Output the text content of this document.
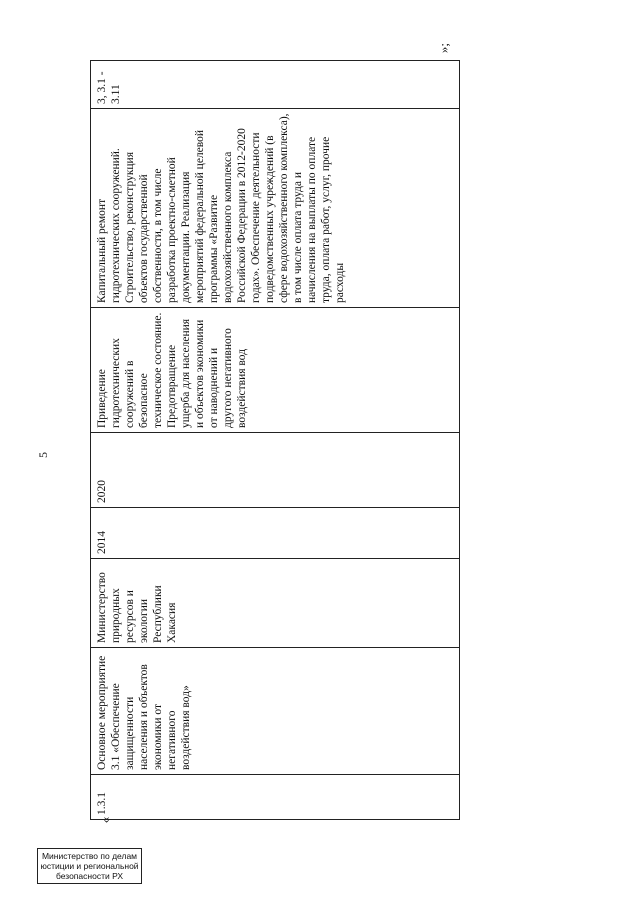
5
«
»;
1.3.1	Основное мероприятие 3.1 «Обеспечение защищенности населения и объектов экономики от негативного воздействия вод»	Министерство природных ресурсов и экологии Республики Хакасия	2014	2020	Приведение гидротехнических сооружений в безопасное техническое состояние. Предотвращение ущерба для населения и объектов экономики от наводнений и другого негативного воздействия вод	Капитальный ремонт гидротехнических сооружений. Строительство, реконструкция объектов государственной собственности, в том числе разработка проектно-сметной документации. Реализация мероприятий федеральной целевой программы «Развитие водохозяйственного комплекса Российской Федерации в 2012-2020 годах». Обеспечение деятельности подведомственных учреждений (в сфере водохозяйственного комплекса), в том числе оплата труда и начисления на выплаты по оплате труда, оплата работ, услуг, прочие расходы	3, 3.1 - 3.11
Министерство по делам
юстиции и региональной
безопасности РХ
